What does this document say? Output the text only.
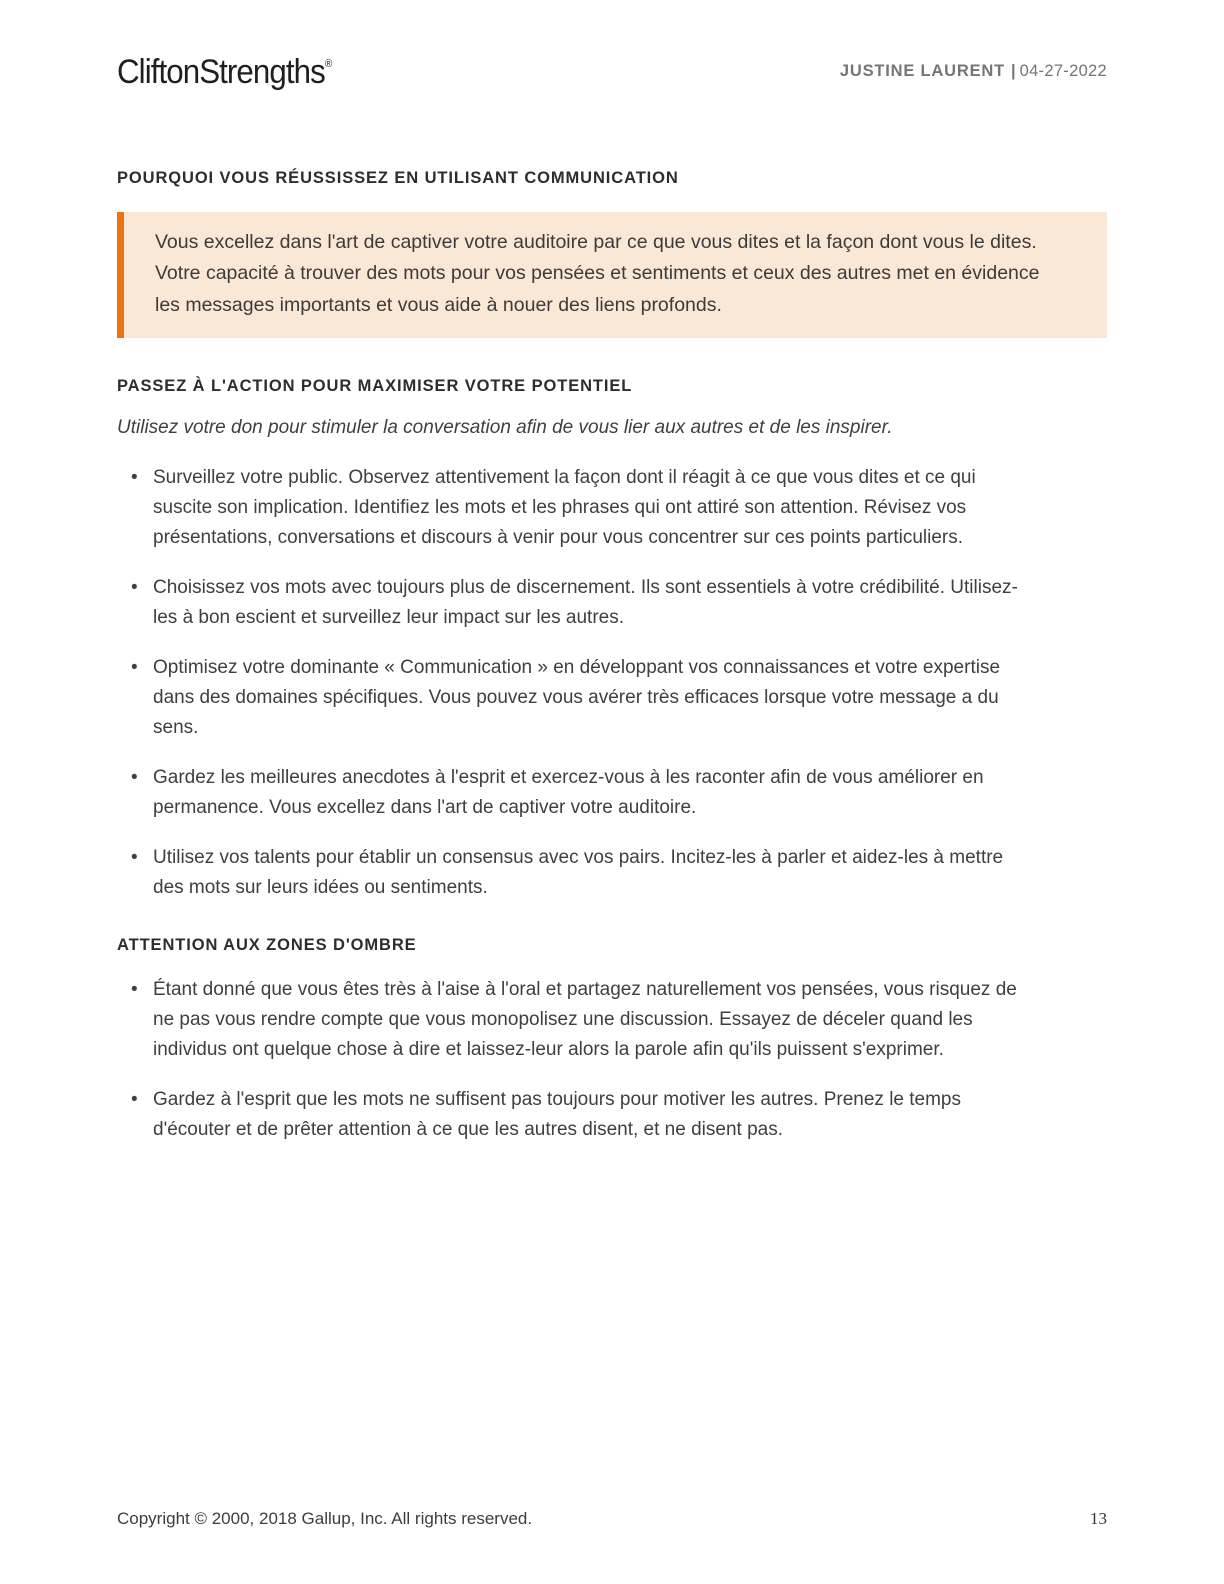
CliftonStrengths®	JUSTINE LAURENT | 04-27-2022
POURQUOI VOUS RÉUSSISSEZ EN UTILISANT COMMUNICATION

Vous excellez dans l'art de captiver votre auditoire par ce que vous dites et la façon dont vous le dites. Votre capacité à trouver des mots pour vos pensées et sentiments et ceux des autres met en évidence les messages importants et vous aide à nouer des liens profonds.

PASSEZ À L'ACTION POUR MAXIMISER VOTRE POTENTIEL

Utilisez votre don pour stimuler la conversation afin de vous lier aux autres et de les inspirer.

• Surveillez votre public. Observez attentivement la façon dont il réagit à ce que vous dites et ce qui suscite son implication. Identifiez les mots et les phrases qui ont attiré son attention. Révisez vos présentations, conversations et discours à venir pour vous concentrer sur ces points particuliers.
• Choisissez vos mots avec toujours plus de discernement. Ils sont essentiels à votre crédibilité. Utilisez-les à bon escient et surveillez leur impact sur les autres.
• Optimisez votre dominante « Communication » en développant vos connaissances et votre expertise dans des domaines spécifiques. Vous pouvez vous avérer très efficaces lorsque votre message a du sens.
• Gardez les meilleures anecdotes à l'esprit et exercez-vous à les raconter afin de vous améliorer en permanence. Vous excellez dans l'art de captiver votre auditoire.
• Utilisez vos talents pour établir un consensus avec vos pairs. Incitez-les à parler et aidez-les à mettre des mots sur leurs idées ou sentiments.
ATTENTION AUX ZONES D'OMBRE
• Étant donné que vous êtes très à l'aise à l'oral et partagez naturellement vos pensées, vous risquez de ne pas vous rendre compte que vous monopolisez une discussion. Essayez de déceler quand les individus ont quelque chose à dire et laissez-leur alors la parole afin qu'ils puissent s'exprimer.
• Gardez à l'esprit que les mots ne suffisent pas toujours pour motiver les autres. Prenez le temps d'écouter et de prêter attention à ce que les autres disent, et ne disent pas.
Copyright © 2000, 2018 Gallup, Inc. All rights reserved.	13
